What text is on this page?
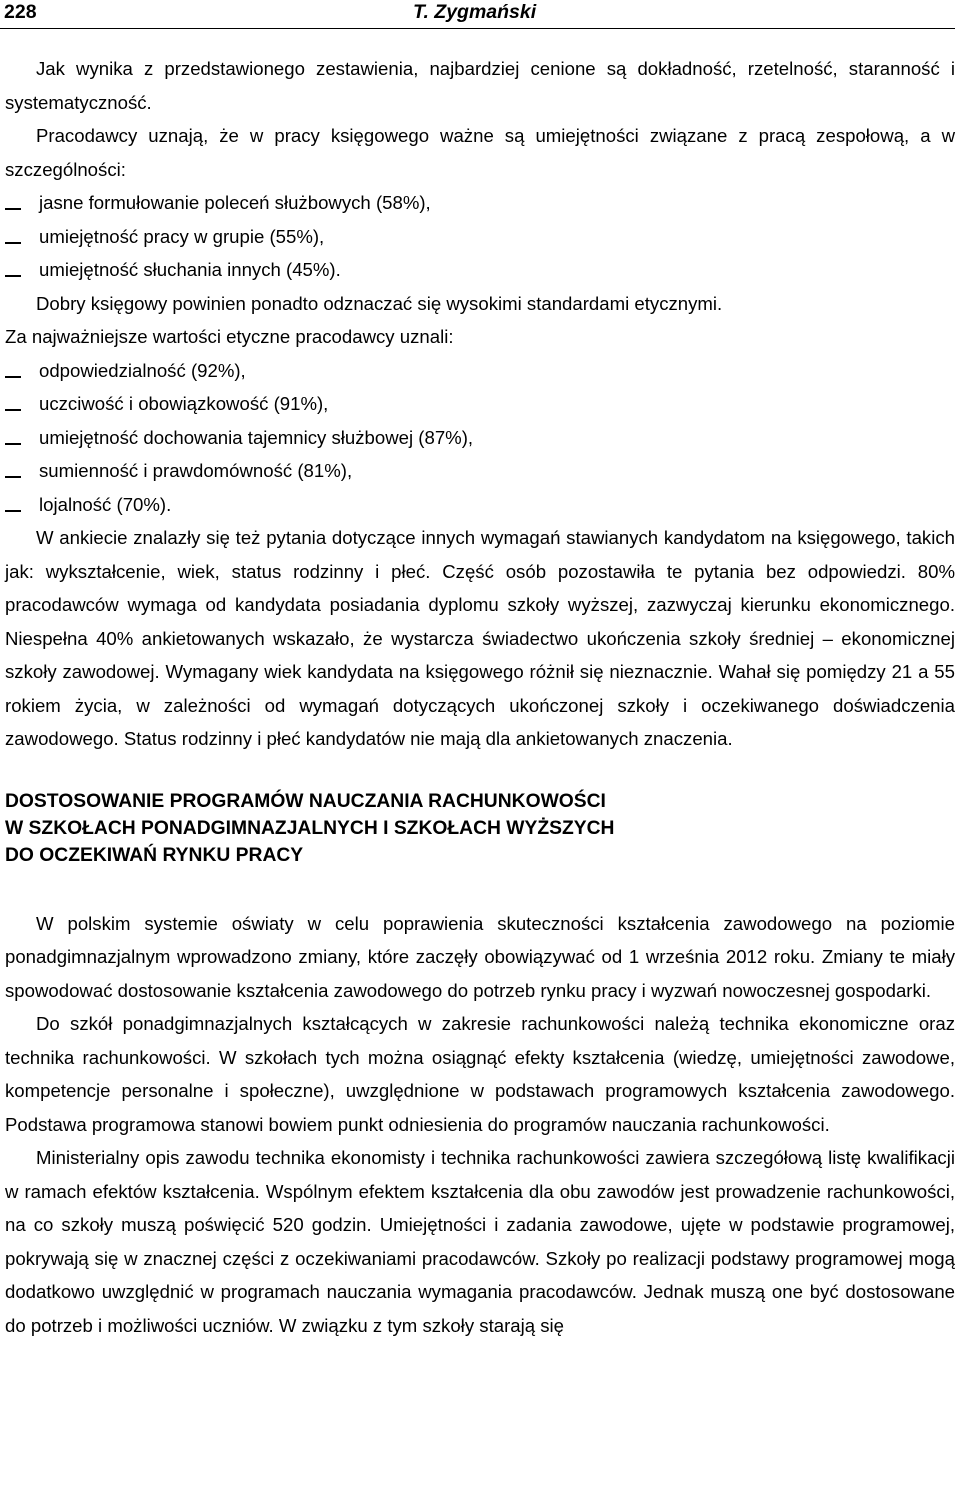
228	T. Zygmański

Jak wynika z przedstawionego zestawienia, najbardziej cenione są dokładność, rzetelność, staranność i systematyczność.

Pracodawcy uznają, że w pracy księgowego ważne są umiejętności związane z pracą zespołową, a w szczególności:

jasne formułowanie poleceń służbowych (58%),
umiejętność pracy w grupie (55%),
umiejętność słuchania innych (45%).

Dobry księgowy powinien ponadto odznaczać się wysokimi standardami etycznymi.

Za najważniejsze wartości etyczne pracodawcy uznali:

odpowiedzialność (92%),
uczciwość i obowiązkowość (91%),
umiejętność dochowania tajemnicy służbowej (87%),
sumienność i prawdomówność (81%),
lojalność (70%).

W ankiecie znalazły się też pytania dotyczące innych wymagań stawianych kandydatom na księgowego, takich jak: wykształcenie, wiek, status rodzinny i płeć. Część osób pozostawiła te pytania bez odpowiedzi. 80% pracodawców wymaga od kandydata posiadania dyplomu szkoły wyższej, zazwyczaj kierunku ekonomicznego. Niespełna 40% ankietowanych wskazało, że wystarcza świadectwo ukończenia szkoły średniej – ekonomicznej szkoły zawodowej. Wymagany wiek kandydata na księgowego różnił się nieznacznie. Wahał się pomiędzy 21 a 55 rokiem życia, w zależności od wymagań dotyczących ukończonej szkoły i oczekiwanego doświadczenia zawodowego. Status rodzinny i płeć kandydatów nie mają dla ankietowanych znaczenia.

DOSTOSOWANIE PROGRAMÓW NAUCZANIA RACHUNKOWOŚCI
W SZKOŁACH PONADGIMNAZJALNYCH I SZKOŁACH WYŻSZYCH
DO OCZEKIWAŃ RYNKU PRACY

W polskim systemie oświaty w celu poprawienia skuteczności kształcenia zawodowego na poziomie ponadgimnazjalnym wprowadzono zmiany, które zaczęły obowiązywać od 1 września 2012 roku. Zmiany te miały spowodować dostosowanie kształcenia zawodowego do potrzeb rynku pracy i wyzwań nowoczesnej gospodarki.

Do szkół ponadgimnazjalnych kształcących w zakresie rachunkowości należą technika ekonomiczne oraz technika rachunkowości. W szkołach tych można osiągnąć efekty kształcenia (wiedzę, umiejętności zawodowe, kompetencje personalne i społeczne), uwzględnione w podstawach programowych kształcenia zawodowego. Podstawa programowa stanowi bowiem punkt odniesienia do programów nauczania rachunkowości.

Ministerialny opis zawodu technika ekonomisty i technika rachunkowości zawiera szczegółową listę kwalifikacji w ramach efektów kształcenia. Wspólnym efektem kształcenia dla obu zawodów jest prowadzenie rachunkowości, na co szkoły muszą poświęcić 520 godzin. Umiejętności i zadania zawodowe, ujęte w podstawie programowej, pokrywają się w znacznej części z oczekiwaniami pracodawców. Szkoły po realizacji podstawy programowej mogą dodatkowo uwzględnić w programach nauczania wymagania pracodawców. Jednak muszą one być dostosowane do potrzeb i możliwości uczniów. W związku z tym szkoły starają się
